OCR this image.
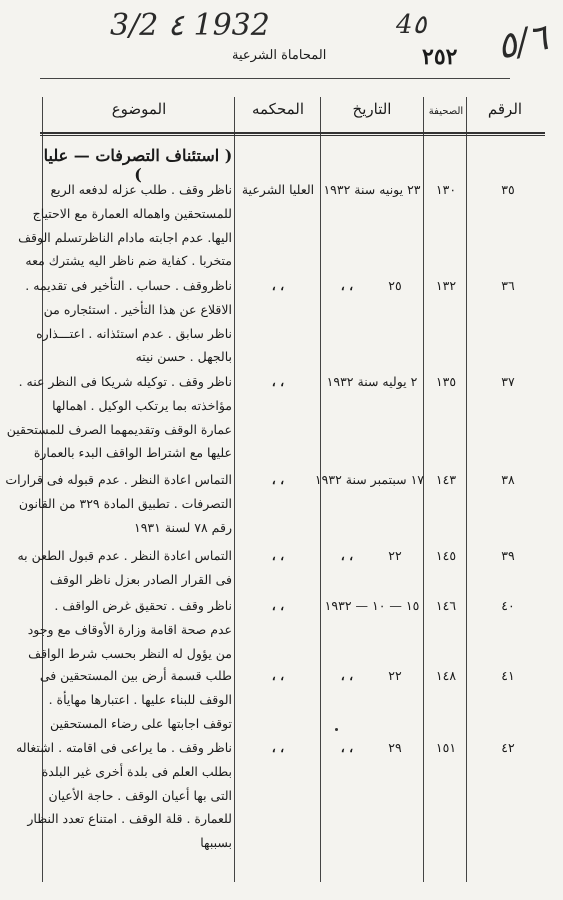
3/2 ٤ 1932	4٥ ٥/٦
المحاماة الشرعية	٢٥٢
الرقم
الصحيفة
التاريخ
المحكمه
الموضوع
( استئناف التصرفات — عليا )
٣٥
١٣٠
٢٣ يونيه سنة ١٩٣٢
العليا الشرعية
ناظر وقف . طلب عزله لدفعه الريع
للمستحقين واهماله العمارة مع الاحتياج
اليها. عدم اجابته مادام الناظرتسلم الوقف
متخربا . كفاية ضم ناظر اليه يشترك معه
٣٦
١٣٢
٢٥
، ،
، ،
ناظروقف . حساب . التأخير فى تقديمه .
الاقلاع عن هذا التأخير . استئجاره من
ناظر سابق . عدم استئذانه . اعتـــذاره
بالجهل . حسن نيته
٣٧
١٣٥
٢ يوليه سنة ١٩٣٢
، ،
ناظر وقف . توكيله شريكا فى النظر عنه .
مؤاخذته بما يرتكب الوكيل . اهمالها
عمارة الوقف وتقديمهما الصرف للمستحقين
عليها مع اشتراط الواقف البدء بالعمارة
٣٨
١٤٣
١٧ سبتمبر سنة ١٩٣٢
، ،
التماس اعادة النظر . عدم قبوله فى قرارات
التصرفات . تطبيق المادة ٣٢٩ من القانون
رقم ٧٨ لسنة ١٩٣١
٣٩
١٤٥
٢٢
، ،
، ،
التماس اعادة النظر . عدم قبول الطعن به
فى القرار الصادر بعزل ناظر الوقف
٤٠
١٤٦
١٥ — ١٠ — ١٩٣٢
، ،
ناظر وقف . تحقيق غرض الواقف .
عدم صحة اقامة وزارة الأوقاف مع وجود
من يؤول له النظر بحسب شرط الواقف
٤١
١٤٨
٢٢
، ،
، ،
طلب قسمة أرض بين المستحقين فى
الوقف للبناء عليها . اعتبارها مهايأة .
توقف اجابتها على رضاء المستحقين
٤٢
١٥١
٢٩
، ،
، ،
ناظر وقف . ما يراعى فى اقامته . اشتغاله
بطلب العلم فى بلدة أخرى غير البلدة
التى بها أعيان الوقف . حاجة الأعيان
للعمارة . قلة الوقف . امتناع تعدد النظار
بسببها
